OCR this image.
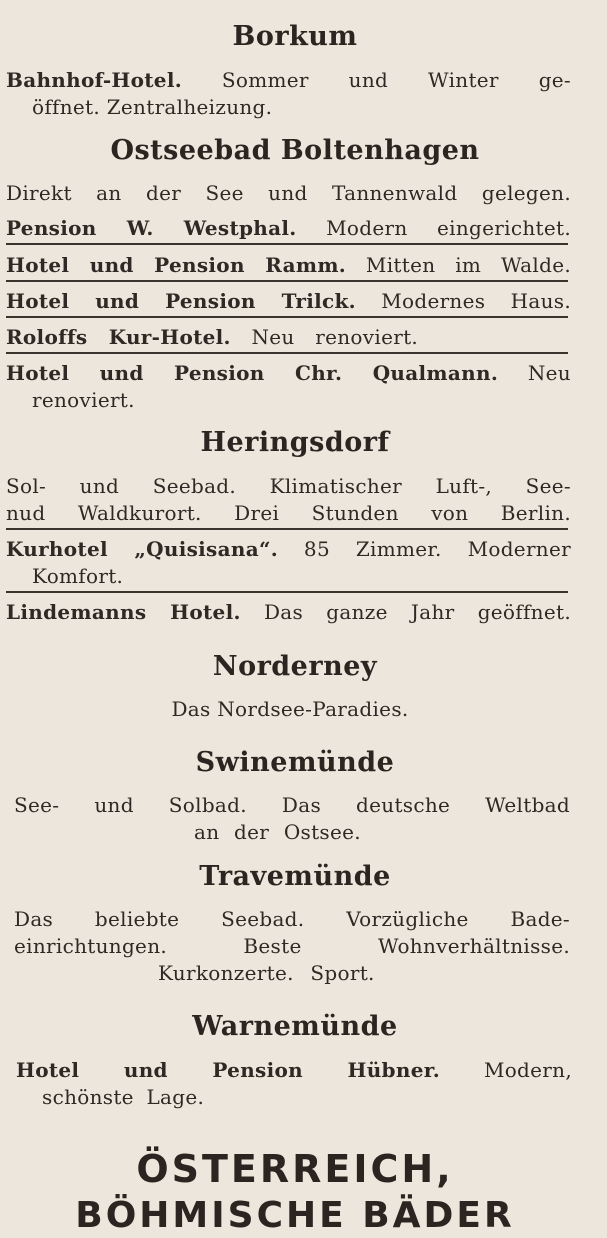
Borkum
Bahnhof-Hotel. Sommer und Winter ge-
öffnet. Zentralheizung.
Ostseebad Boltenhagen
Direkt an der See und Tannenwald gelegen.
Pension W. Westphal. Modern eingerichtet.
Hotel und Pension Ramm. Mitten im Walde.
Hotel und Pension Trilck. Modernes Haus.
Roloffs Kur-Hotel. Neu renoviert.
Hotel und Pension Chr. Qualmann. Neu
renoviert.
Heringsdorf
Sol- und Seebad. Klimatischer Luft-, See-
nud Waldkurort. Drei Stunden von Berlin.
Kurhotel „Quisisana“. 85 Zimmer. Moderner
Komfort.
Lindemanns Hotel. Das ganze Jahr geöffnet.
Norderney
Das Nordsee-Paradies.
Swinemünde
See- und Solbad. Das deutsche Weltbad
an der Ostsee.
Travemünde
Das beliebte Seebad. Vorzügliche Bade-
einrichtungen. Beste Wohnverhältnisse.
Kurkonzerte. Sport.
Warnemünde
Hotel und Pension Hübner. Modern,
schönste Lage.
ÖSTERREICH,
BÖHMISCHE BÄDER
